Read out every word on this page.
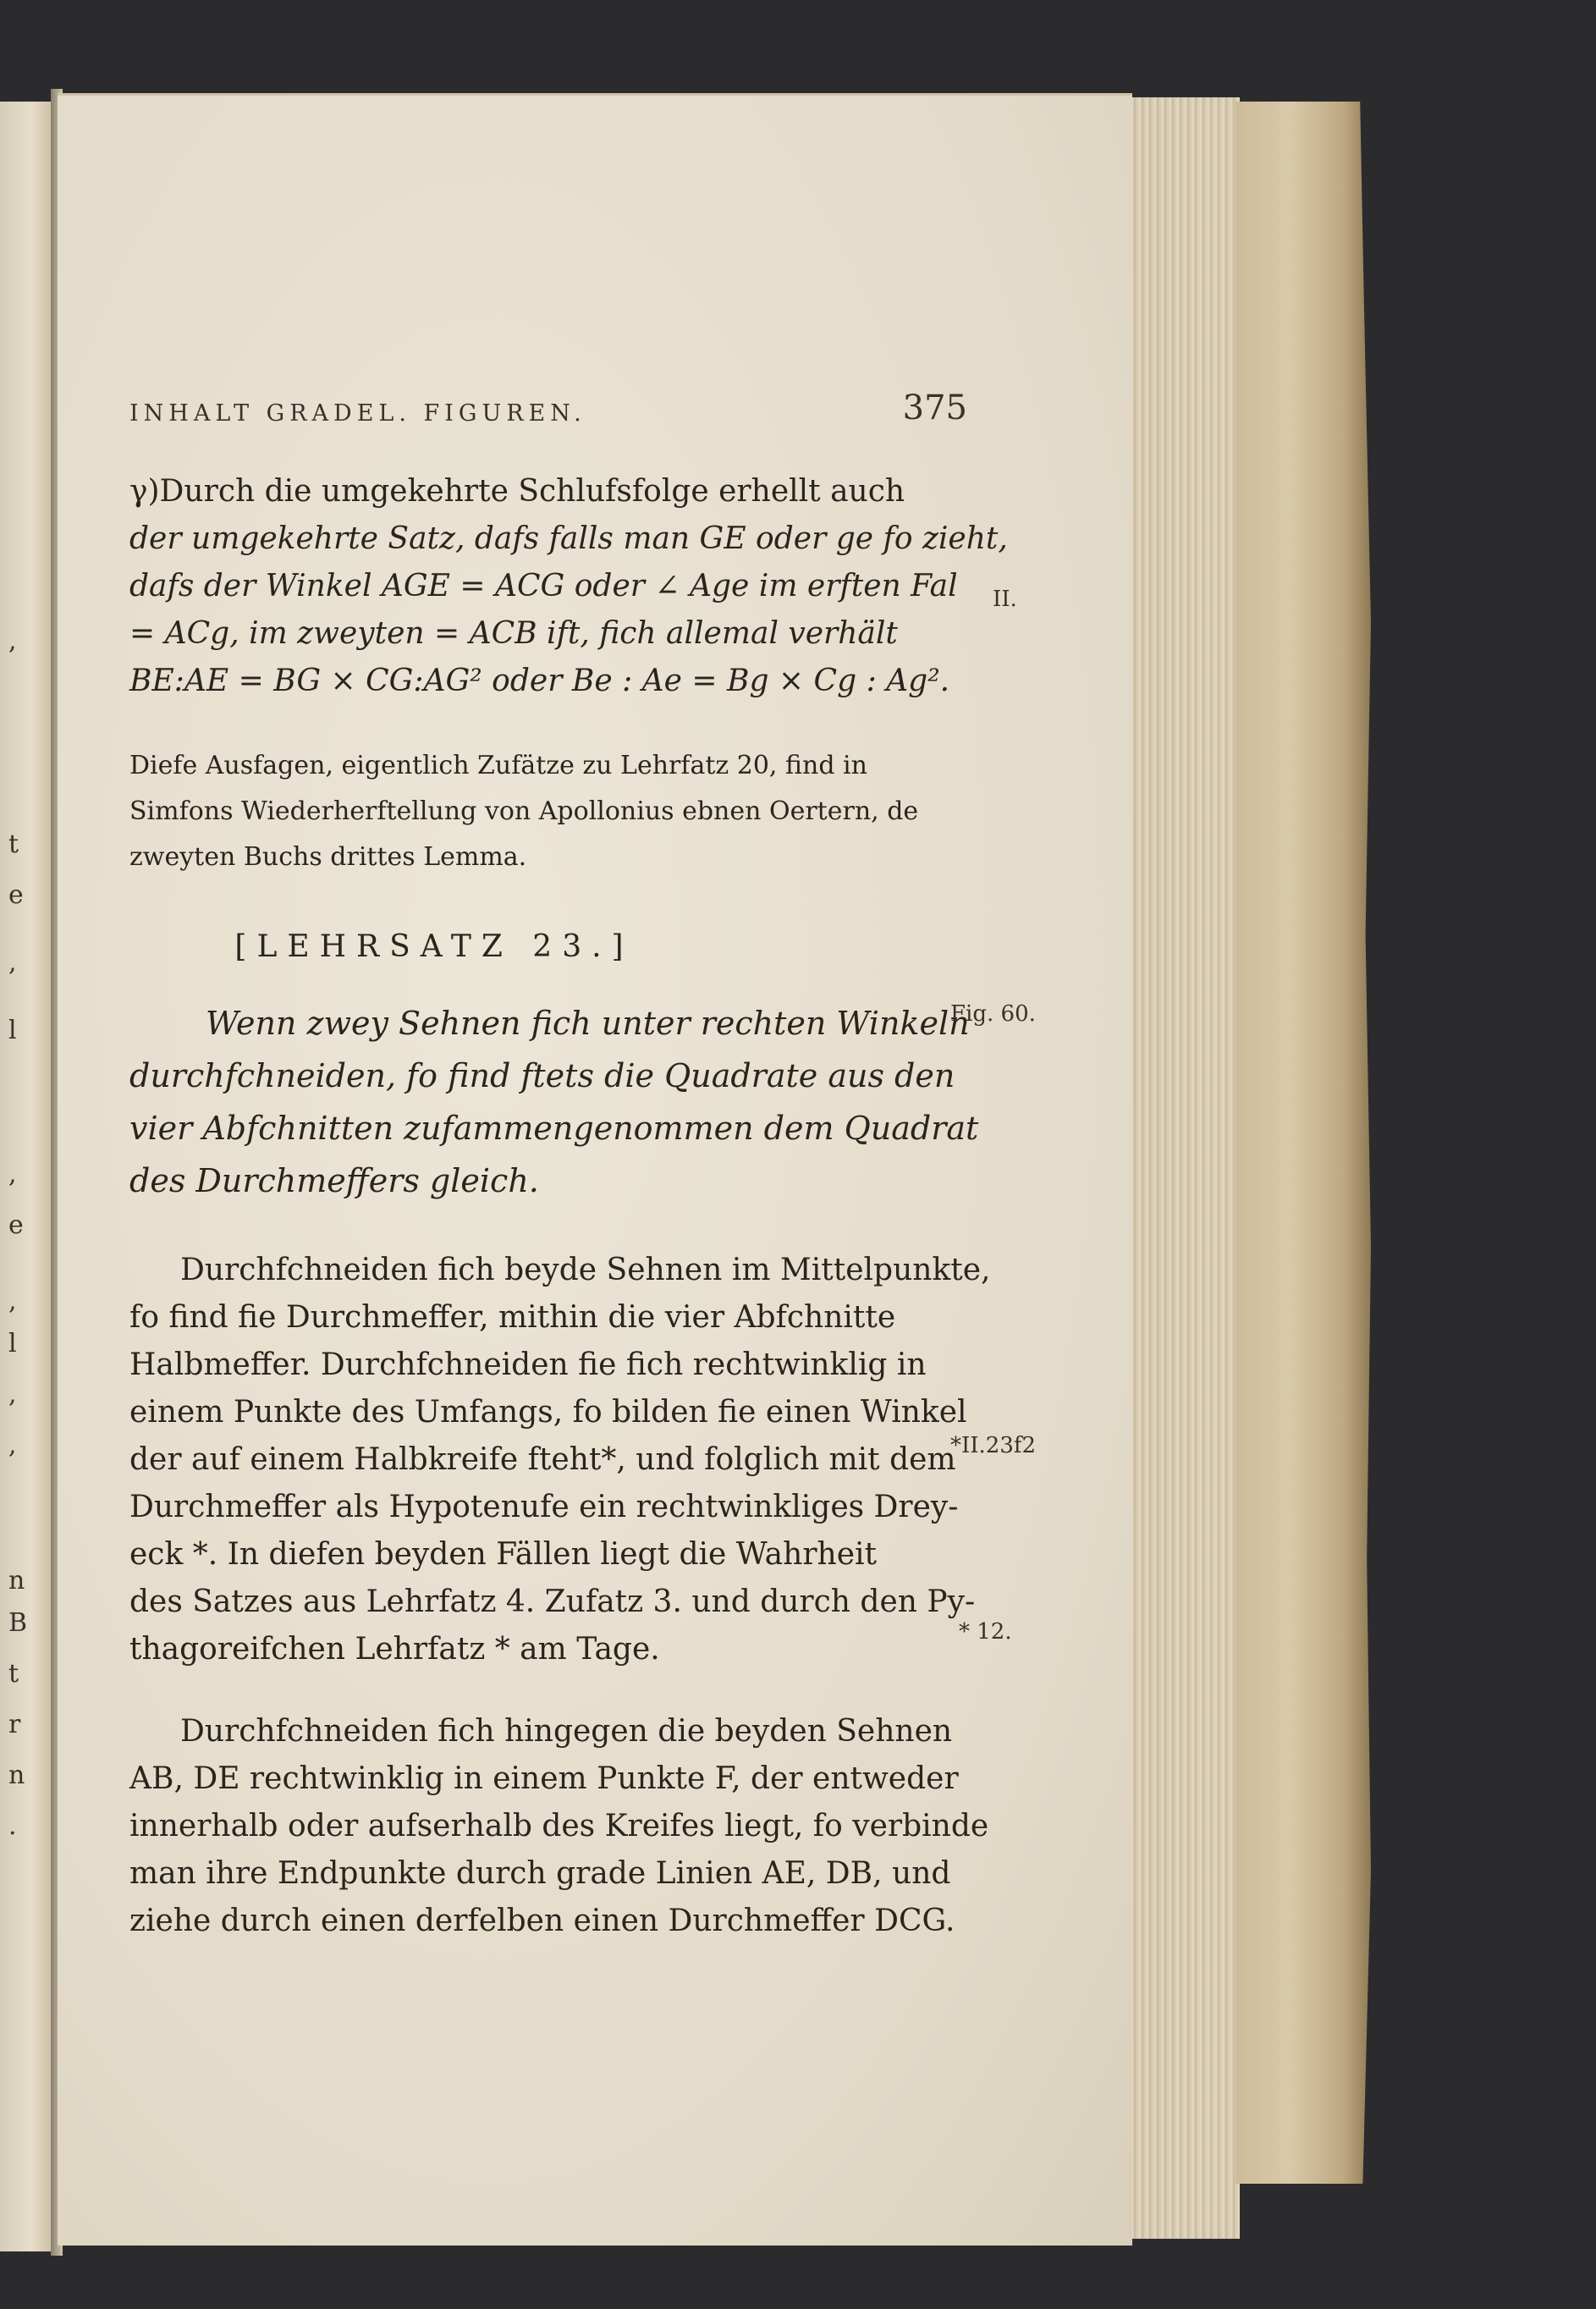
,
t
e
,
l
,
e
,
l
,
,
n
B
t
r
n
.
INHALT GRADEL. FIGUREN.	375
γ)Durch die umgekehrte Schlufsfolge erhellt auch
der umgekehrte Satz, dafs falls man GE oder ge fo zieht,
dafs der Winkel AGE = ACG oder ∠ Age im erften Fal
= ACg, im zweyten = ACB ift, fich allemal verhält
BE:AE = BG × CG:AG² oder Be : Ae = Bg × Cg : Ag².
Diefe Ausfagen, eigentlich Zufätze zu Lehrfatz 20, find in
Simfons Wiederherftellung von Apollonius ebnen Oertern, de
zweyten Buchs drittes Lemma.
[LEHRSATZ 23.]
Wenn zwey Sehnen fich unter rechten Winkeln
durchfchneiden, fo find ftets die Quadrate aus den
vier Abfchnitten zufammengenommen dem Quadrat
des Durchmeffers gleich.
Durchfchneiden fich beyde Sehnen im Mittelpunkte,
fo find fie Durchmeffer, mithin die vier Abfchnitte
Halbmeffer. Durchfchneiden fie fich rechtwinklig in
einem Punkte des Umfangs, fo bilden fie einen Winkel
der auf einem Halbkreife fteht*, und folglich mit dem
Durchmeffer als Hypotenufe ein rechtwinkliges Drey-
eck *. In diefen beyden Fällen liegt die Wahrheit
des Satzes aus Lehrfatz 4. Zufatz 3. und durch den Py-
thagoreifchen Lehrfatz * am Tage.
Durchfchneiden fich hingegen die beyden Sehnen
AB, DE rechtwinklig in einem Punkte F, der entweder
innerhalb oder aufserhalb des Kreifes liegt, fo verbinde
man ihre Endpunkte durch grade Linien AE, DB, und
ziehe durch einen derfelben einen Durchmeffer DCG.
II.
Fig. 60.
*II.23f2
* 12.
